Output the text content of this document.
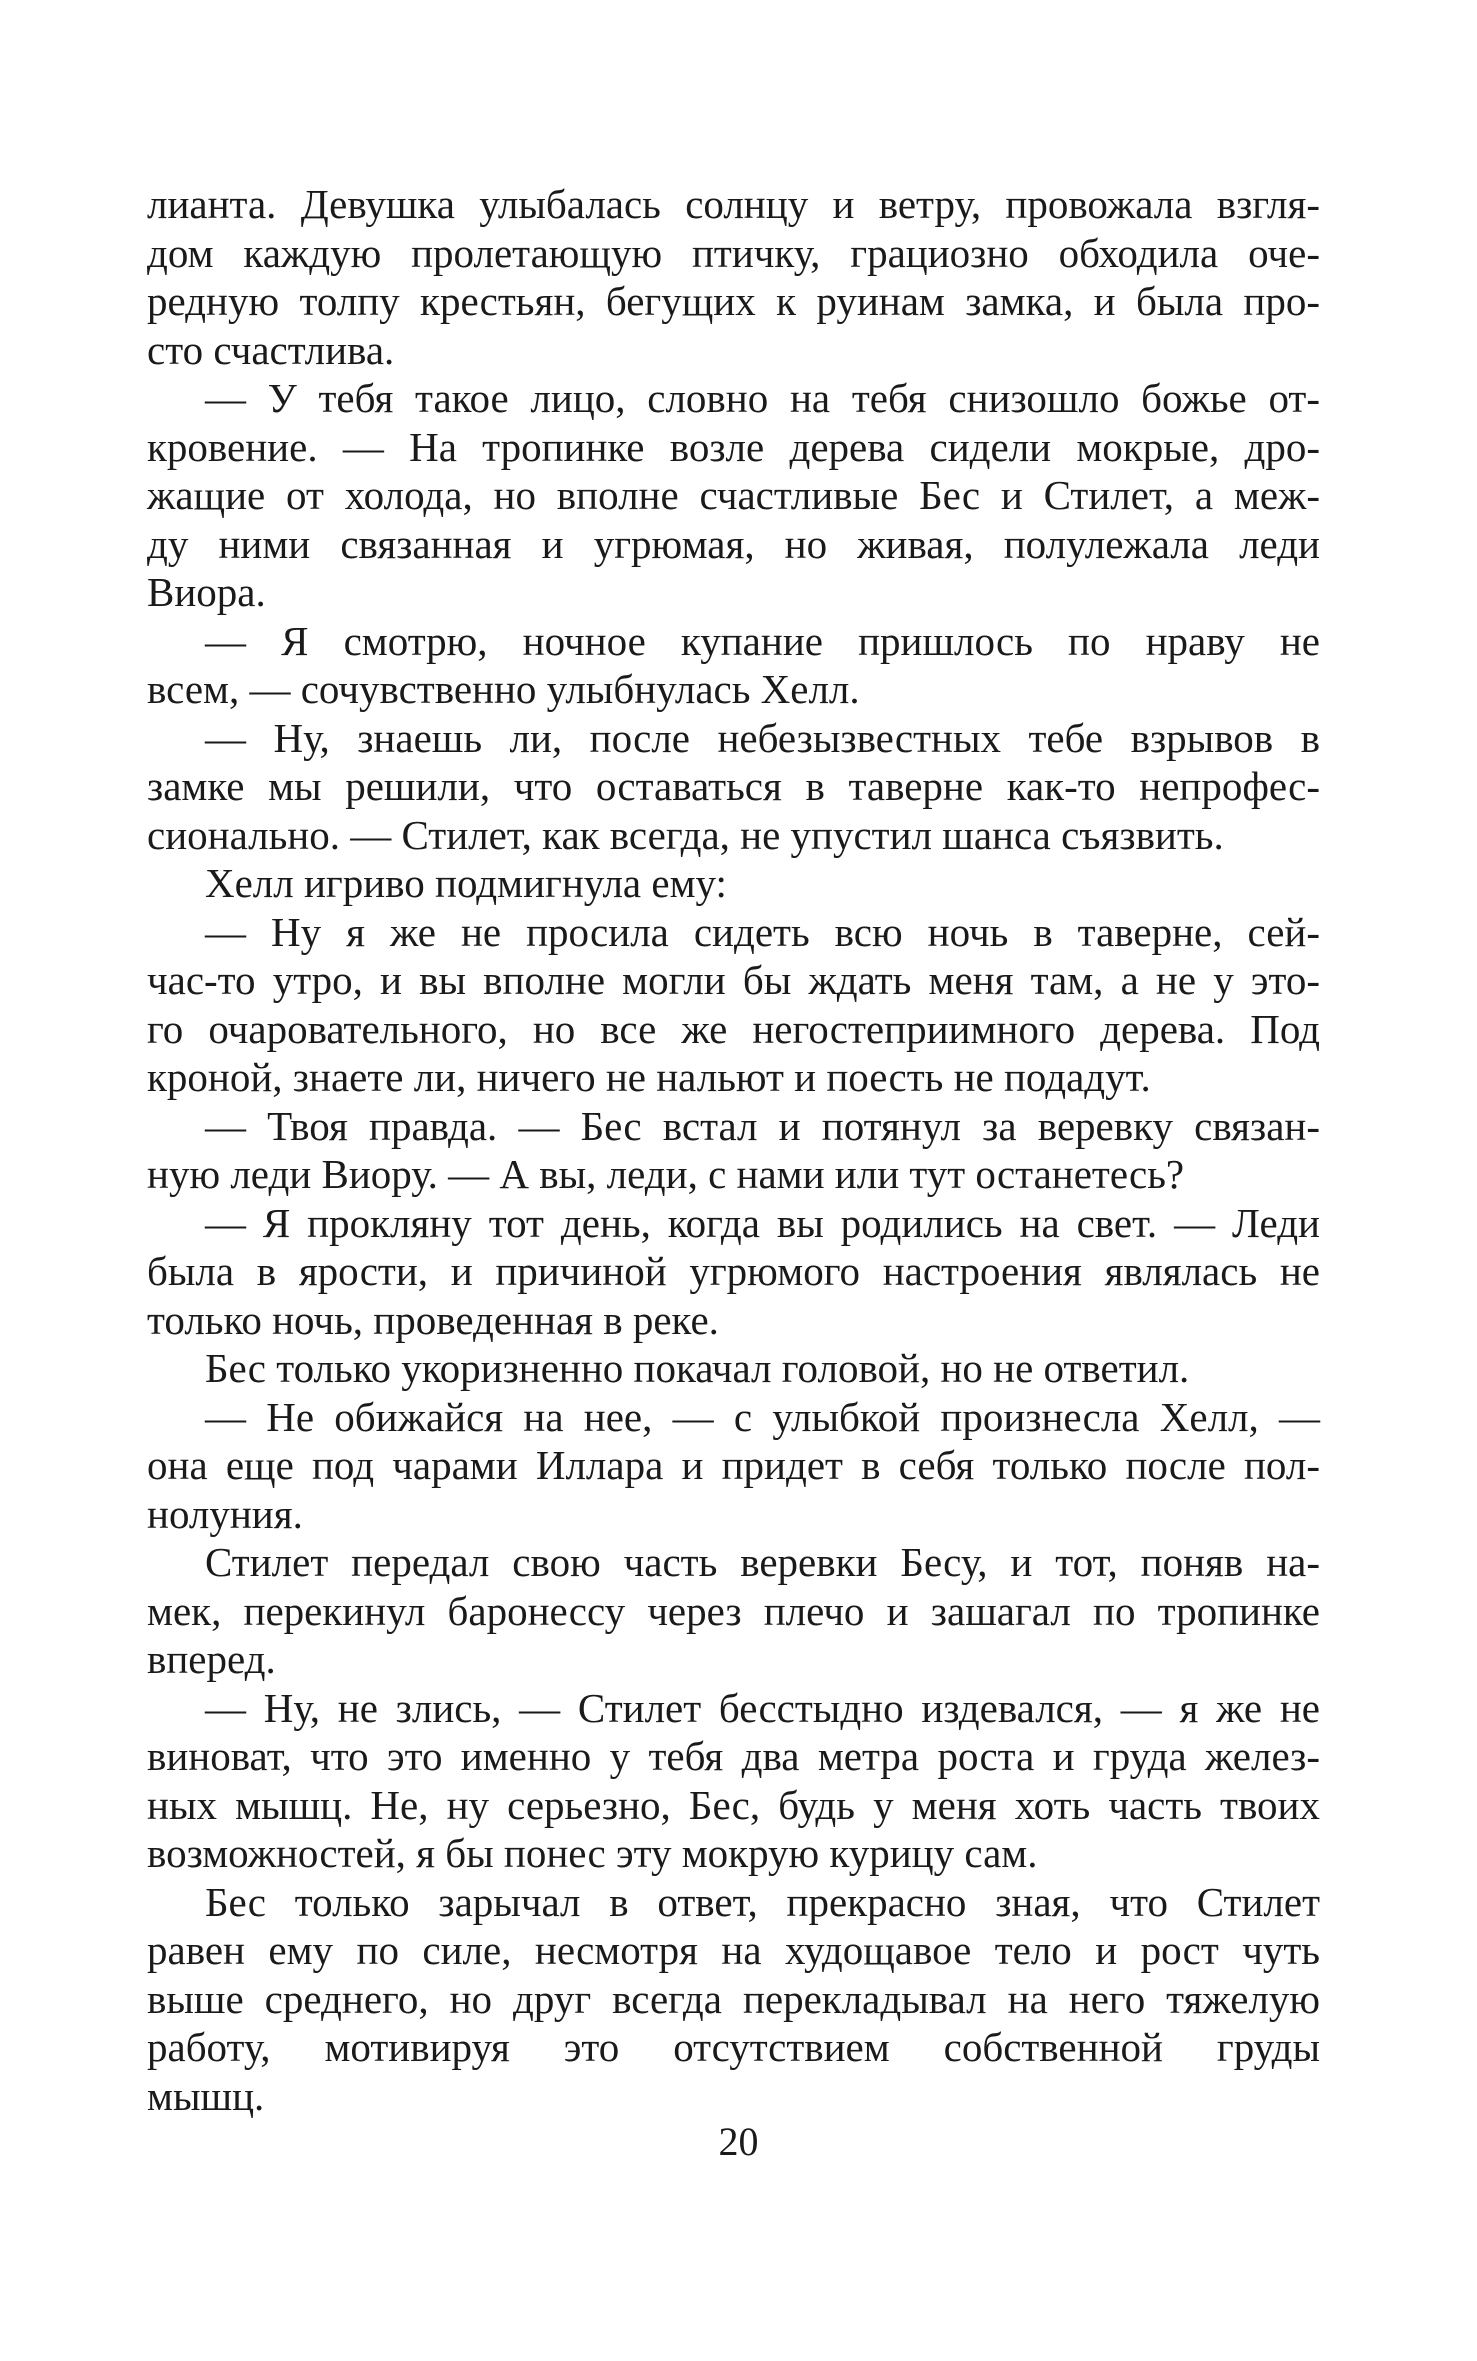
лианта. Девушка улыбалась солнцу и ветру, провожала взгля-
дом каждую пролетающую птичку, грациозно обходила оче-
редную толпу крестьян, бегущих к руинам замка, и была про-
сто счастлива.
— У тебя такое лицо, словно на тебя снизошло божье от-
кровение. — На тропинке возле дерева сидели мокрые, дро-
жащие от холода, но вполне счастливые Бес и Стилет, а меж-
ду ними связанная и угрюмая, но живая, полулежала леди
Виора.
— Я смотрю, ночное купание пришлось по нраву не
всем, — сочувственно улыбнулась Хелл.
— Ну, знаешь ли, после небезызвестных тебе взрывов в
замке мы решили, что оставаться в таверне как-то непрофес-
сионально. — Стилет, как всегда, не упустил шанса съязвить.
Хелл игриво подмигнула ему:
— Ну я же не просила сидеть всю ночь в таверне, сей-
час-то утро, и вы вполне могли бы ждать меня там, а не у это-
го очаровательного, но все же негостеприимного дерева. Под
кроной, знаете ли, ничего не нальют и поесть не подадут.
— Твоя правда. — Бес встал и потянул за веревку связан-
ную леди Виору. — А вы, леди, с нами или тут останетесь?
— Я прокляну тот день, когда вы родились на свет. — Леди
была в ярости, и причиной угрюмого настроения являлась не
только ночь, проведенная в реке.
Бес только укоризненно покачал головой, но не ответил.
— Не обижайся на нее, — с улыбкой произнесла Хелл, —
она еще под чарами Иллара и придет в себя только после пол-
нолуния.
Стилет передал свою часть веревки Бесу, и тот, поняв на-
мек, перекинул баронессу через плечо и зашагал по тропинке
вперед.
— Ну, не злись, — Стилет бесстыдно издевался, — я же не
виноват, что это именно у тебя два метра роста и груда желез-
ных мышц. Не, ну серьезно, Бес, будь у меня хоть часть твоих
возможностей, я бы понес эту мокрую курицу сам.
Бес только зарычал в ответ, прекрасно зная, что Стилет
равен ему по силе, несмотря на худощавое тело и рост чуть
выше среднего, но друг всегда перекладывал на него тяжелую
работу, мотивируя это отсутствием собственной груды
мышц.
20
